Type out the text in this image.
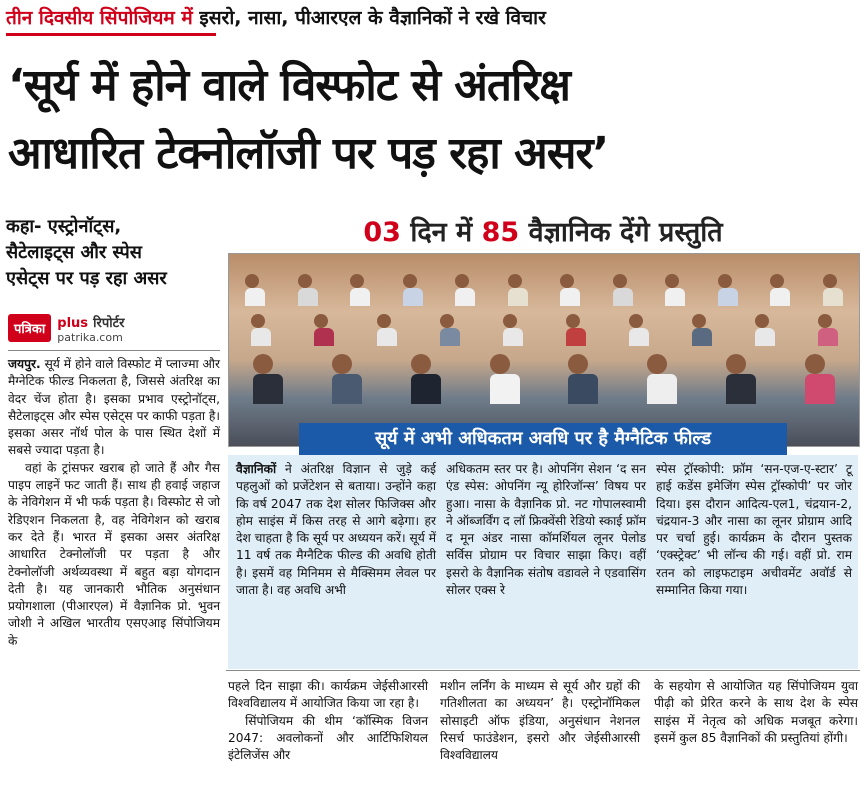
तीन दिवसीय सिंपोजियम में इसरो, नासा, पीआरएल के वैज्ञानिकों ने रखे विचार
‘सूर्य में होने वाले विस्फोट से अंतरिक्ष
आधारित टेक्नोलॉजी पर पड़ रहा असर’
कहा- एस्ट्रोनॉट्स,
सैटेलाइट्स और स्पेस
एसेट्स पर पड़ रहा असर
पत्रिका plus रिपोर्टर
patrika.com
जयपुर. सूर्य में होने वाले विस्फोट में प्लाज्मा और मैग्नेटिक फील्ड निकलता है, जिससे अंतरिक्ष का वेदर चेंज होता है। इसका प्रभाव एस्ट्रोनॉट्स, सैटेलाइट्स और स्पेस एसेट्स पर काफी पड़ता है। इसका असर नॉर्थ पोल के पास स्थित देशों में सबसे ज्यादा पड़ता है।
वहां के ट्रांसफर खराब हो जाते हैं और गैस पाइप लाइनें फट जाती हैं। साथ ही हवाई जहाज के नेविगेशन में भी फर्क पड़ता है। विस्फोट से जो रेडिएशन निकलता है, वह नेविगेशन को खराब कर देते हैं। भारत में इसका असर अंतरिक्ष आधारित टेक्नोलॉजी पर पड़ता है और टेक्नोलॉजी अर्थव्यवस्था में बहुत बड़ा योगदान देती है। यह जानकारी भौतिक अनुसंधान प्रयोगशाला (पीआरएल) में वैज्ञानिक प्रो. भुवन जोशी ने अखिल भारतीय एसएआइ सिंपोजियम के
03 दिन में 85 वैज्ञानिक देंगे प्रस्तुति
सूर्य में अभी अधिकतम अवधि पर है मैग्नैटिक फील्ड
वैज्ञानिकों ने अंतरिक्ष विज्ञान से जुड़े कई पहलुओं को प्रजेंटेशन से बताया। उन्होंने कहा कि वर्ष 2047 तक देश सोलर फिजिक्स और होम साइंस में किस तरह से आगे बढ़ेगा। हर देश चाहता है कि सूर्य पर अध्ययन करें। सूर्य में 11 वर्ष तक मैग्नैटिक फील्ड की अवधि होती है। इसमें वह मिनिमम से मैक्सिमम लेवल पर जाता है। वह अवधि अभी
अधिकतम स्तर पर है। ओपनिंग सेशन ‘द सन एंड स्पेस: ओपनिंग न्यू होरिजॉन्स’ विषय पर हुआ। नासा के वैज्ञानिक प्रो. नट गोपालस्वामी ने ऑब्जर्विंग द लॉ फ्रिक्वेंसी रेडियो स्काई फ्रॉम द मून अंडर नासा कॉमर्शियल लूनर पेलोड सर्विस प्रोग्राम पर विचार साझा किए। वहीं इसरो के वैज्ञानिक संतोष वडावले ने एडवासिंग सोलर एक्स रे
स्पेस ट्रॉस्कोपी: फ्रॉम ‘सन-एज-ए-स्टार’ टू हाई कडेंस इमेजिंग स्पेस ट्रॉस्कोपी’ पर जोर दिया। इस दौरान आदित्य-एल1, चंद्रयान-2, चंद्रयान-3 और नासा का लूनर प्रोग्राम आदि पर चर्चा हुई। कार्यक्रम के दौरान पुस्तक ‘एक्स्ट्रेक्ट’ भी लॉन्च की गई। वहीं प्रो. राम रतन को लाइफटाइम अचीवमेंट अवॉर्ड से सम्मानित किया गया।
पहले दिन साझा की। कार्यक्रम जेईसीआरसी विश्वविद्यालय में आयोजित किया जा रहा है।
सिंपोजियम की थीम ‘कॉस्मिक विजन 2047: अवलोकनों और आर्टिफिशियल इंटेलिजेंस और
मशीन लर्निंग के माध्यम से सूर्य और ग्रहों की गतिशीलता का अध्ययन’ है। एस्ट्रोनॉमिकल सोसाइटी ऑफ इंडिया, अनुसंधान नेशनल रिसर्च फाउंडेशन, इसरो और जेईसीआरसी विश्वविद्यालय
के सहयोग से आयोजित यह सिंपोजियम युवा पीढ़ी को प्रेरित करने के साथ देश के स्पेस साइंस में नेतृत्व को अधिक मजबूत करेगा। इसमें कुल 85 वैज्ञानिकों की प्रस्तुतियां होंगी।
